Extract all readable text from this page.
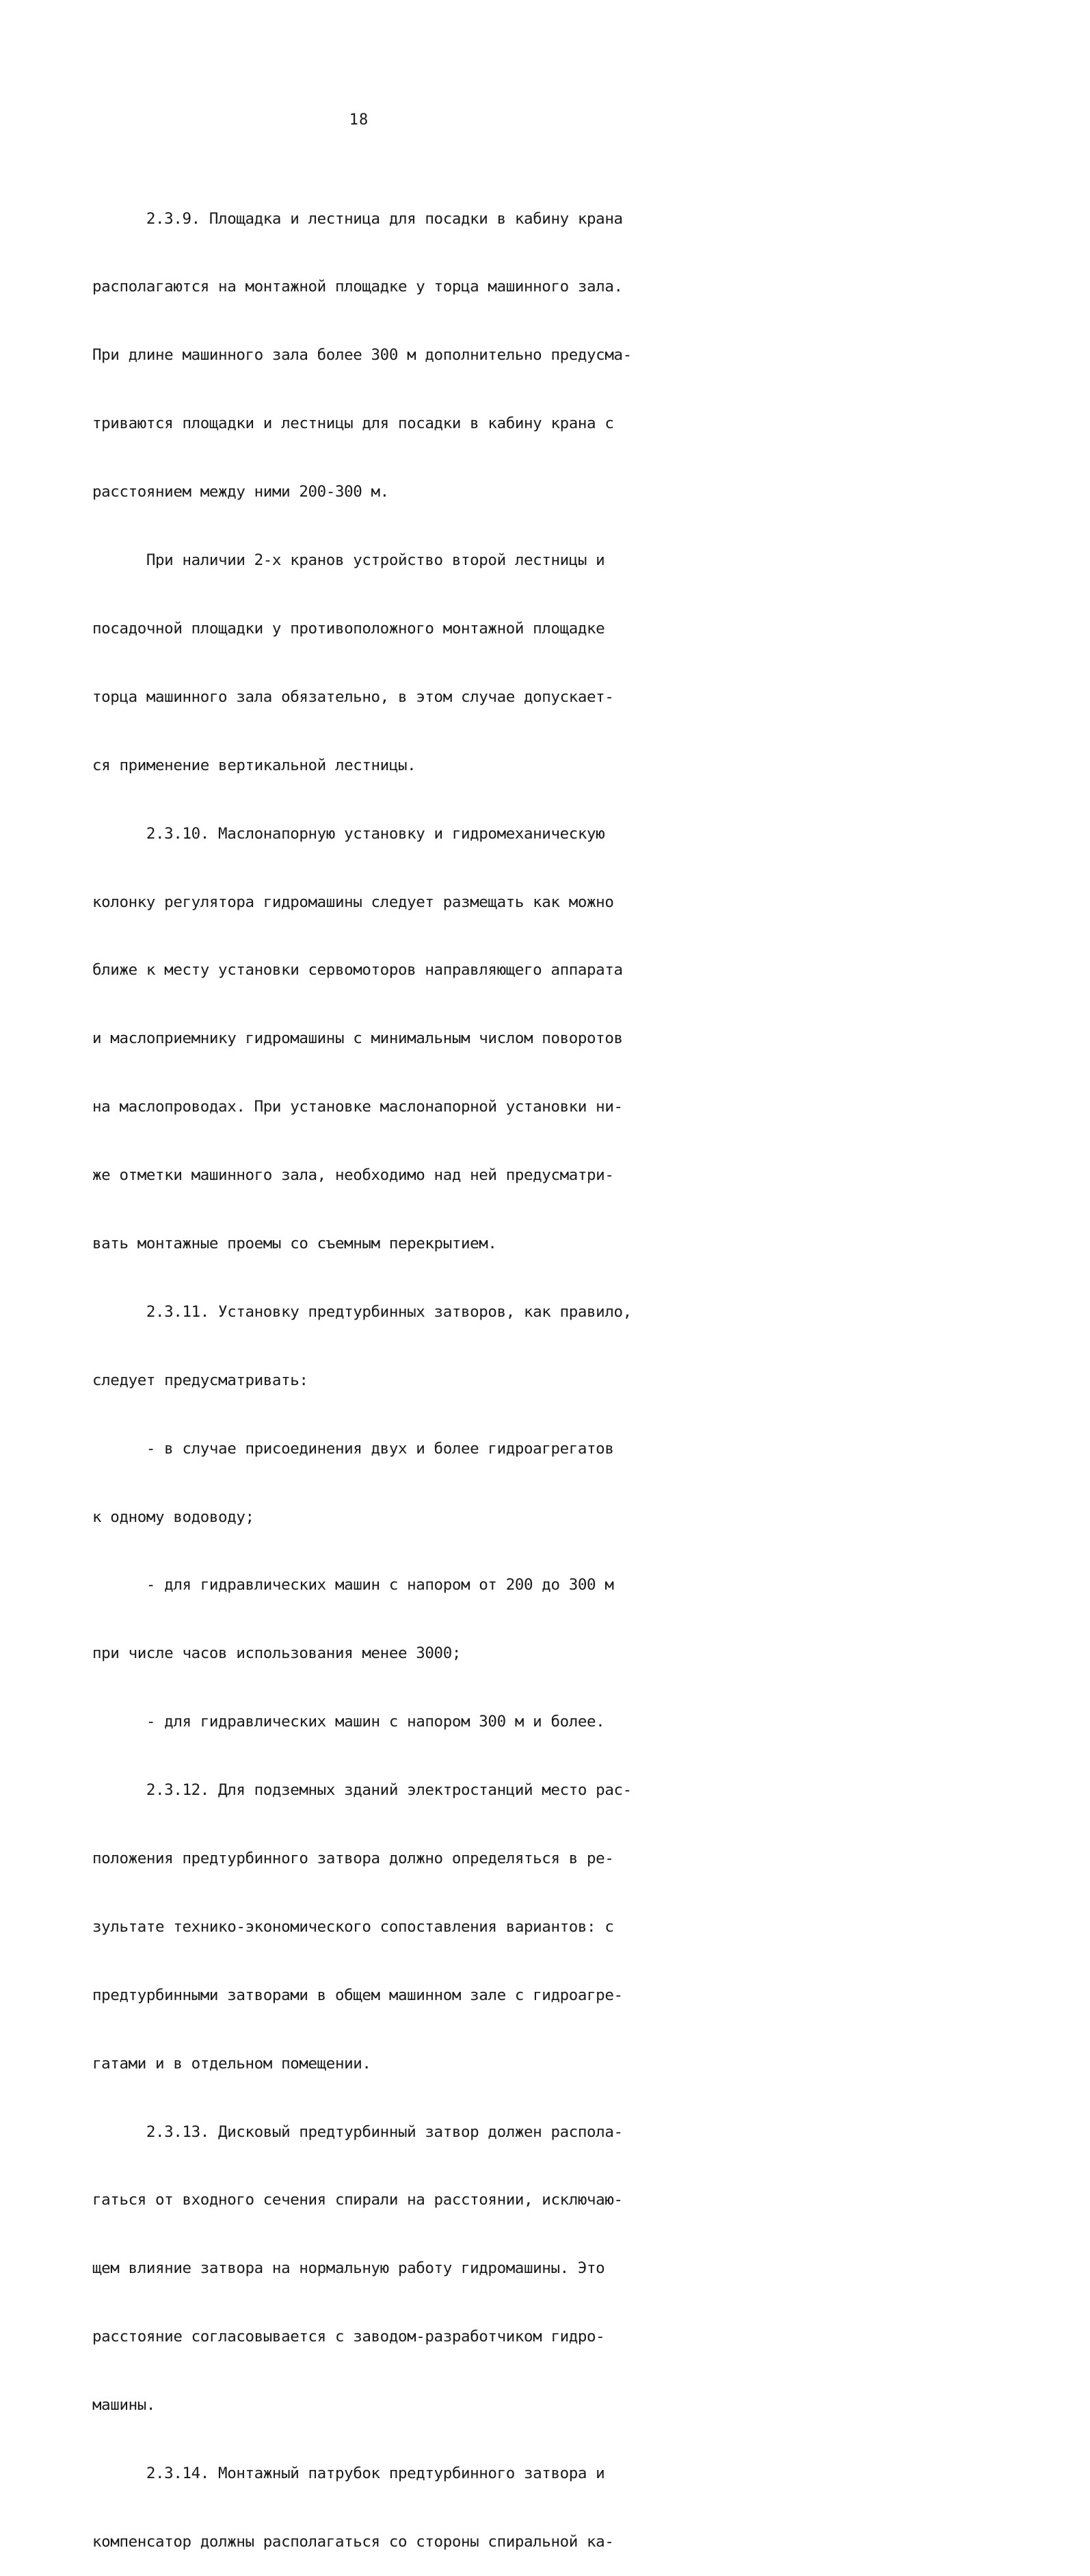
18

2.3.9. Площадка и лестница для посадки в кабину крана

располагаются на монтажной площадке у торца машинного зала.

При длине машинного зала более 300 м дополнительно предусма-

триваются площадки и лестницы для посадки в кабину крана с

расстоянием между ними 200-300 м.

При наличии 2-х кранов устройство второй лестницы и

посадочной площадки у противоположного монтажной площадке

торца машинного зала обязательно, в этом случае допускает-

ся применение вертикальной лестницы.

2.3.10. Маслонапорную установку и гидромеханическую

колонку регулятора гидромашины следует размещать как можно

ближе к месту установки сервомоторов направляющего аппарата

и маслоприемнику гидромашины с минимальным числом поворотов

на маслопроводах. При установке маслонапорной установки ни-

же отметки машинного зала, необходимо над ней предусматри-

вать монтажные проемы со съемным перекрытием.

2.3.11. Установку предтурбинных затворов, как правило,

следует предусматривать:

- в случае присоединения двух и более гидроагрегатов

к одному водоводу;

- для гидравлических машин с напором от 200 до 300 м

при числе часов использования менее 3000;

- для гидравлических машин с напором 300 м и более.

2.3.12. Для подземных зданий электростанций место рас-

положения предтурбинного затвора должно определяться в ре-

зультате технико-экономического сопоставления вариантов: с

предтурбинными затворами в общем машинном зале с гидроагре-

гатами и в отдельном помещении.

2.3.13. Дисковый предтурбинный затвор должен распола-

гаться от входного сечения спирали на расстоянии, исключаю-

щем влияние затвора на нормальную работу гидромашины. Это

расстояние согласовывается с заводом-разработчиком гидро-

машины.

2.3.14. Монтажный патрубок предтурбинного затвора и

компенсатор должны располагаться со стороны спиральной ка-
